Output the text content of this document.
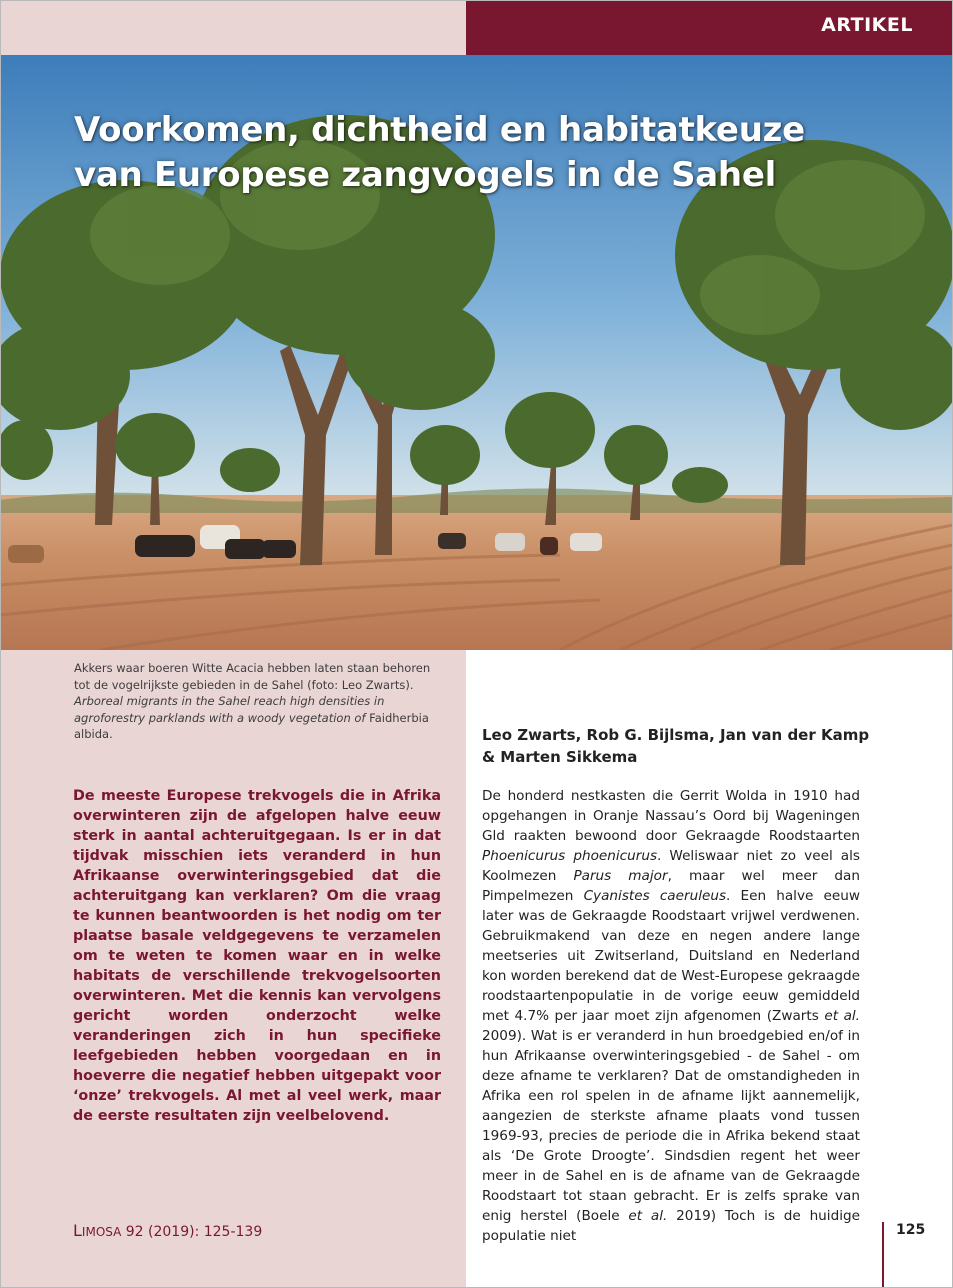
ARTIKEL
Voorkomen, dichtheid en habitatkeuze
van Europese zangvogels in de Sahel
Akkers waar boeren Witte Acacia hebben laten staan behoren tot de vogelrijkste gebieden in de Sahel (foto: Leo Zwarts). Arboreal migrants in the Sahel reach high densities in agroforestry parklands with a woody vegetation of Faidherbia albida.
De meeste Europese trekvogels die in Afrika overwinteren zijn de afgelopen halve eeuw sterk in aantal achteruitgegaan. Is er in dat tijdvak misschien iets veranderd in hun Afrikaanse overwinteringsgebied dat die achteruitgang kan verklaren? Om die vraag te kunnen beantwoorden is het nodig om ter plaatse basale veldgegevens te verzamelen om te weten te komen waar en in welke habitats de verschillende trekvogelsoorten overwinteren. Met die kennis kan vervolgens gericht worden onderzocht welke veranderingen zich in hun specifieke leefgebieden hebben voorgedaan en in hoeverre die negatief hebben uitgepakt voor ‘onze’ trekvogels. Al met al veel werk, maar de eerste resultaten zijn veelbelovend.
Leo Zwarts, Rob G. Bijlsma, Jan van der Kamp & Marten Sikkema
De honderd nestkasten die Gerrit Wolda in 1910 had opgehangen in Oranje Nassau’s Oord bij Wageningen Gld raakten bewoond door Gekraagde Roodstaarten Phoenicurus phoenicurus. Weliswaar niet zo veel als Koolmezen Parus major, maar wel meer dan Pimpelmezen Cyanistes caeruleus. Een halve eeuw later was de Gekraagde Roodstaart vrijwel verdwenen. Gebruikmakend van deze en negen andere lange meetseries uit Zwitserland, Duitsland en Nederland kon worden berekend dat de West-Europese gekraagde roodstaartenpopulatie in de vorige eeuw gemiddeld met 4.7% per jaar moet zijn afgenomen (Zwarts et al. 2009). Wat is er veranderd in hun broedgebied en/of in hun Afrikaanse overwinteringsgebied - de Sahel - om deze afname te verklaren? Dat de omstandigheden in Afrika een rol spelen in de afname lijkt aannemelijk, aangezien de sterkste afname plaats vond tussen 1969-93, precies de periode die in Afrika bekend staat als ‘De Grote Droogte’. Sindsdien regent het weer meer in de Sahel en is de afname van de Gekraagde Roodstaart tot staan gebracht. Er is zelfs sprake van enig herstel (Boele et al. 2019) Toch is de huidige populatie niet
LIMOSA 92 (2019): 125-139	125
